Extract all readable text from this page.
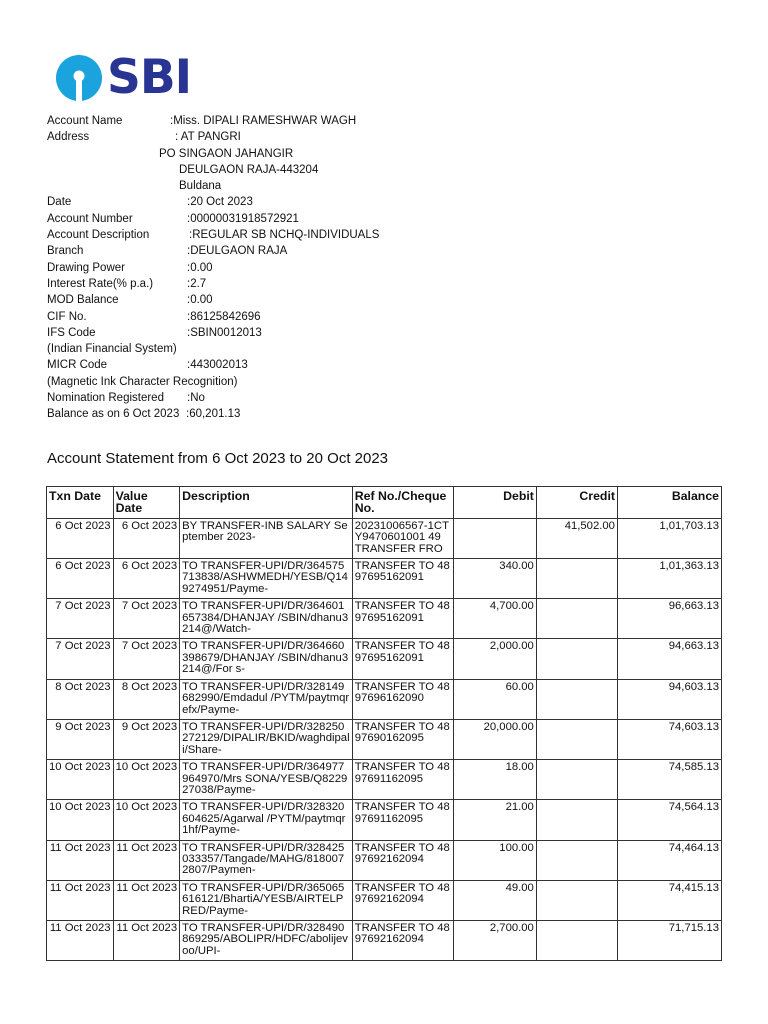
SBI
Account Name	:Miss. DIPALI RAMESHWAR WAGH
Address	: AT PANGRI
PO SINGAON JAHANGIR
DEULGAON RAJA-443204
Buldana
Date	:20 Oct 2023
Account Number	:00000031918572921
Account Description	:REGULAR SB NCHQ-INDIVIDUALS
Branch	:DEULGAON RAJA
Drawing Power	:0.00
Interest Rate(% p.a.)	:2.7
MOD Balance	:0.00
CIF No.	:86125842696
IFS Code	:SBIN0012013
(Indian Financial System)
MICR Code	:443002013
(Magnetic Ink Character Recognition)
Nomination Registered :No
Balance as on 6 Oct 2023 :60,201.13
Account Statement from 6 Oct 2023 to 20 Oct 2023
Txn Date	Value Date	Description	Ref No./Cheque No.	Debit	Credit	Balance
6 Oct 2023	6 Oct 2023	BY TRANSFER-INB SALARY September 2023-	20231006567-1CTY9470601001 49 TRANSFER FRO		41,502.00	1,01,703.13
6 Oct 2023	6 Oct 2023	TO TRANSFER-UPI/DR/364575713838/ASHWMEDH/YESB/Q149274951/Payme-	TRANSFER TO 4897695162091	340.00		1,01,363.13
7 Oct 2023	7 Oct 2023	TO TRANSFER-UPI/DR/364601657384/DHANJAY /SBIN/dhanu3214@/Watch-	TRANSFER TO 4897695162091	4,700.00		96,663.13
7 Oct 2023	7 Oct 2023	TO TRANSFER-UPI/DR/364660398679/DHANJAY /SBIN/dhanu3214@/For s-	TRANSFER TO 4897695162091	2,000.00		94,663.13
8 Oct 2023	8 Oct 2023	TO TRANSFER-UPI/DR/328149682990/Emdadul /PYTM/paytmqrefx/Payme-	TRANSFER TO 4897696162090	60.00		94,603.13
9 Oct 2023	9 Oct 2023	TO TRANSFER-UPI/DR/328250272129/DIPALIR/BKID/waghdipali/Share-	TRANSFER TO 4897690162095	20,000.00		74,603.13
10 Oct 2023	10 Oct 2023	TO TRANSFER-UPI/DR/364977964970/Mrs SONA/YESB/Q822927038/Payme-	TRANSFER TO 4897691162095	18.00		74,585.13
10 Oct 2023	10 Oct 2023	TO TRANSFER-UPI/DR/328320604625/Agarwal /PYTM/paytmqr1hf/Payme-	TRANSFER TO 4897691162095	21.00		74,564.13
11 Oct 2023	11 Oct 2023	TO TRANSFER-UPI/DR/328425033357/Tangade/MAHG/8180072807/Paymen-	TRANSFER TO 4897692162094	100.00		74,464.13
11 Oct 2023	11 Oct 2023	TO TRANSFER-UPI/DR/365065616121/BhartiA/YESB/AIRTELPRED/Payme-	TRANSFER TO 4897692162094	49.00		74,415.13
11 Oct 2023	11 Oct 2023	TO TRANSFER-UPI/DR/328490869295/ABOLIPR/HDFC/abolijevoo/UPI-	TRANSFER TO 4897692162094	2,700.00		71,715.13
